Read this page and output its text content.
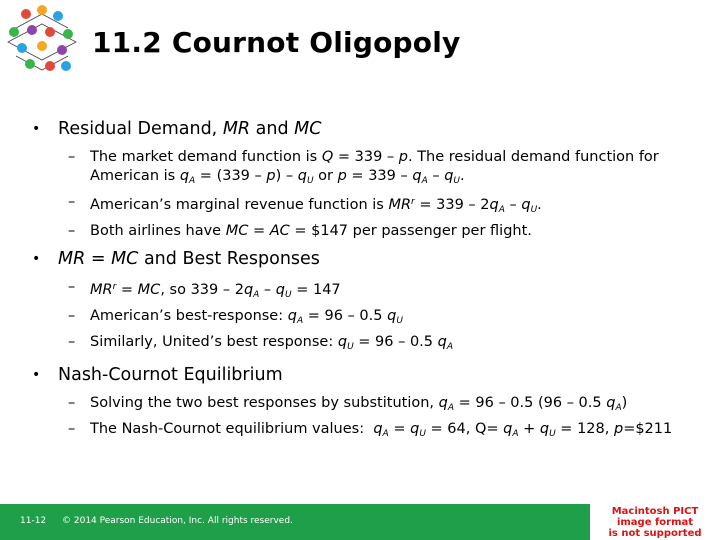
11.2 Cournot Oligopoly
• Residual Demand, MR and MC
– The market demand function is Q = 339 – p. The residual demand function for American is $q_A = (339 - p) - q_U$ or $p = 339 - q_A - q_U$.
– American’s marginal revenue function is $MR^r = 339 - 2q_A - q_U$.
– Both airlines have MC = AC = $147 per passenger per flight.
• MR = MC and Best Responses
– $MR^r$ = MC, so $339 - 2q_A - q_U = 147$
– American’s best-response: $q_A = 96 - 0.5$ $q_U$
– Similarly, United’s best response: $q_U = 96 - 0.5$ $q_A$
• Nash-Cournot Equilibrium
– Solving the two best responses by substitution, $q_A = 96 - 0.5$ (96 – 0.5 $q_A$)
– The Nash-Cournot equilibrium values:  $q_A = q_U = 64$, $Q= q_A + q_U = 128$, p=$211
11-12 © 2014 Pearson Education, Inc. All rights reserved.
Macintosh PICT
image format
is not supported
